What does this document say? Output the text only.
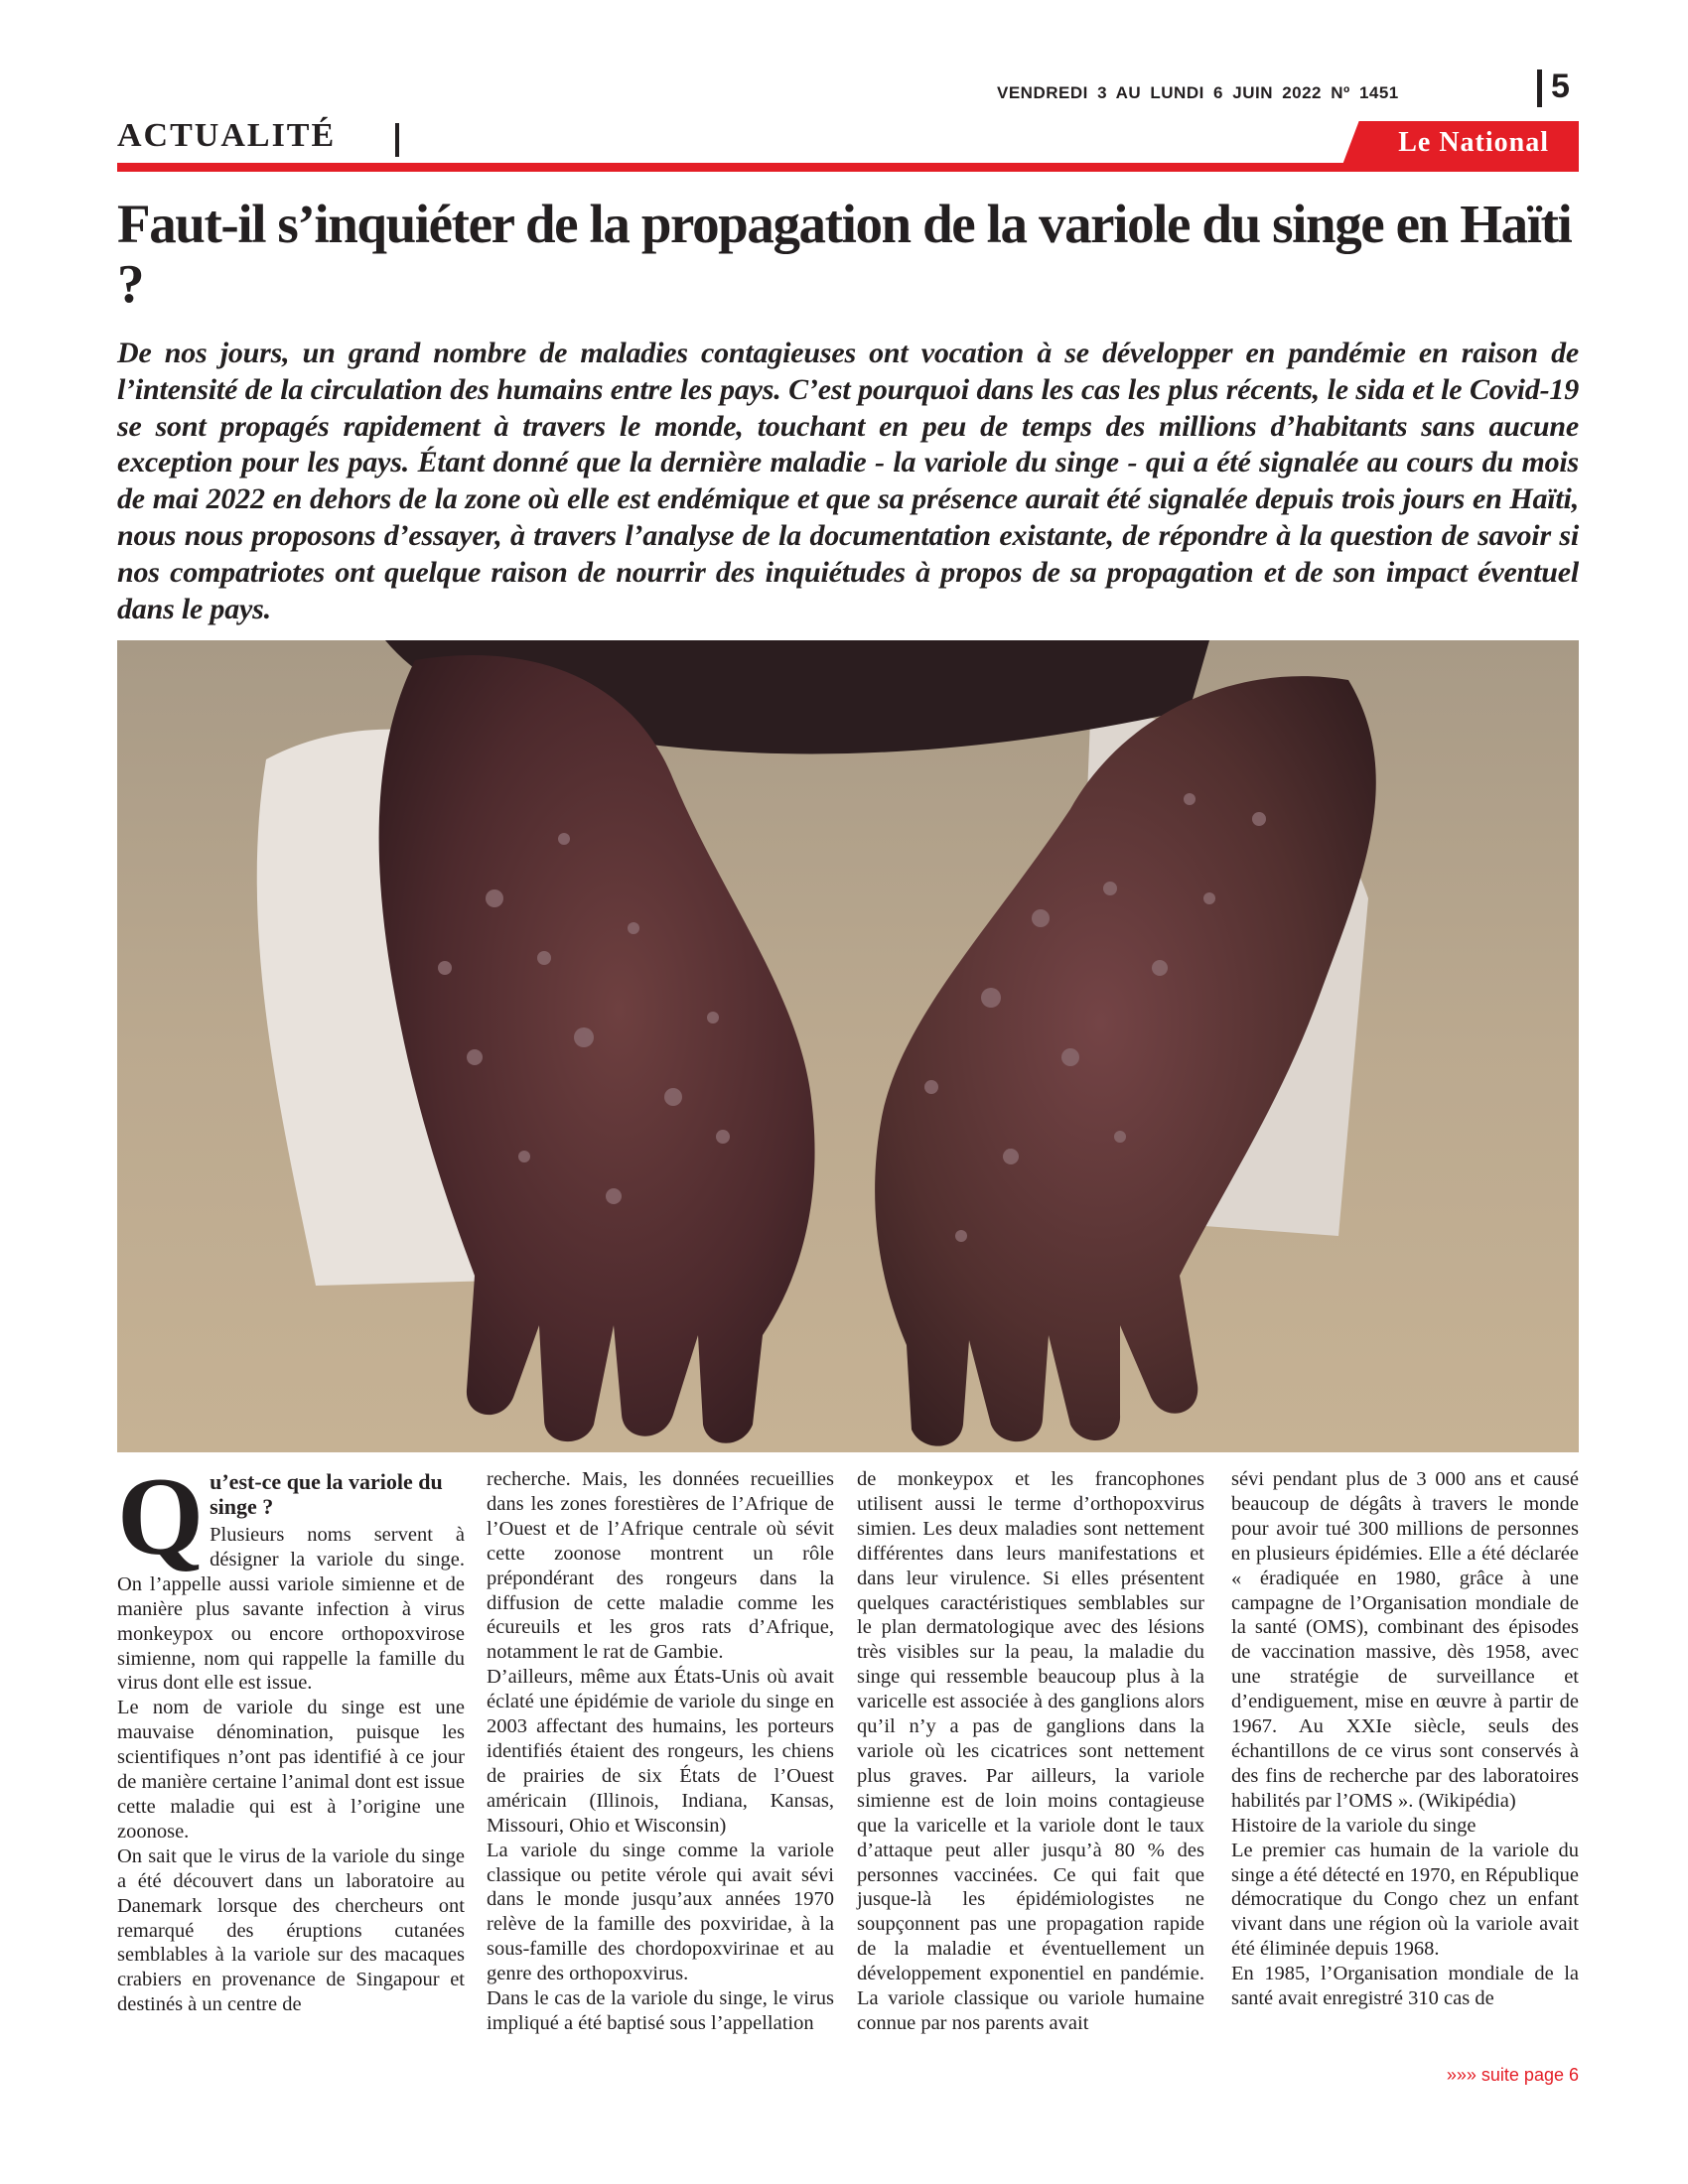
VENDREDI 3 AU LUNDI 6 JUIN 2022 Nº 1451	5
ACTUALITÉ	Le National
Faut-il s’inquiéter de la propagation de la variole du singe en Haïti ?

De nos jours, un grand nombre de maladies contagieuses ont vocation à se développer en pandémie en raison de l’intensité de la circulation des humains entre les pays. C’est pourquoi dans les cas les plus récents, le sida et le Covid-19 se sont propagés rapidement à travers le monde, touchant en peu de temps des millions d’habitants sans aucune exception pour les pays. Étant donné que la dernière maladie - la variole du singe - qui a été signalée au cours du mois de mai 2022 en dehors de la zone où elle est endémique et que sa présence aurait été signalée depuis trois jours en Haïti, nous nous proposons d’essayer, à travers l’analyse de la documentation existante, de répondre à la question de savoir si nos compatriotes ont quelque raison de nourrir des inquiétudes à propos de sa propagation et de son impact éventuel dans le pays.

Q u’est-ce que la variole du singe ?

Plusieurs noms servent à désigner la variole du singe. On l’appelle aussi variole simienne et de manière plus savante infection à virus monkeypox ou encore orthopoxvirose simienne, nom qui rappelle la famille du virus dont elle est issue.

Le nom de variole du singe est une mauvaise dénomination, puisque les scientifiques n’ont pas identifié à ce jour de manière certaine l’animal dont est issue cette maladie qui est à l’origine une zoonose.

On sait que le virus de la variole du singe a été découvert dans un laboratoire au Danemark lorsque des chercheurs ont remarqué des éruptions cutanées semblables à la variole sur des macaques crabiers en provenance de Singapour et destinés à un centre de

recherche. Mais, les données recueillies dans les zones forestières de l’Afrique de l’Ouest et de l’Afrique centrale où sévit cette zoonose montrent un rôle prépondérant des rongeurs dans la diffusion de cette maladie comme les écureuils et les gros rats d’Afrique, notamment le rat de Gambie.

D’ailleurs, même aux États-Unis où avait éclaté une épidémie de variole du singe en 2003 affectant des humains, les porteurs identifiés étaient des rongeurs, les chiens de prairies de six États de l’Ouest américain (Illinois, Indiana, Kansas, Missouri, Ohio et Wisconsin)

La variole du singe comme la variole classique ou petite vérole qui avait sévi dans le monde jusqu’aux années 1970 relève de la famille des poxviridae, à la sous-famille des chordopoxvirinae et au genre des orthopoxvirus.

Dans le cas de la variole du singe, le virus impliqué a été baptisé sous l’appellation

de monkeypox et les francophones utilisent aussi le terme d’orthopoxvirus simien. Les deux maladies sont nettement différentes dans leurs manifestations et dans leur virulence. Si elles présentent quelques caractéristiques semblables sur le plan dermatologique avec des lésions très visibles sur la peau, la maladie du singe qui ressemble beaucoup plus à la varicelle est associée à des ganglions alors qu’il n’y a pas de ganglions dans la variole où les cicatrices sont nettement plus graves. Par ailleurs, la variole simienne est de loin moins contagieuse que la varicelle et la variole dont le taux d’attaque peut aller jusqu’à 80 % des personnes vaccinées. Ce qui fait que jusque-là les épidémiologistes ne soupçonnent pas une propagation rapide de la maladie et éventuellement un développement exponentiel en pandémie. La variole classique ou variole humaine connue par nos parents avait

sévi pendant plus de 3 000 ans et causé beaucoup de dégâts à travers le monde pour avoir tué 300 millions de personnes en plusieurs épidémies. Elle a été déclarée « éradiquée en 1980, grâce à une campagne de l’Organisation mondiale de la santé (OMS), combinant des épisodes de vaccination massive, dès 1958, avec une stratégie de surveillance et d’endiguement, mise en œuvre à partir de 1967. Au XXIe siècle, seuls des échantillons de ce virus sont conservés à des fins de recherche par des laboratoires habilités par l’OMS ». (Wikipédia)

Histoire de la variole du singe

Le premier cas humain de la variole du singe a été détecté en 1970, en République démocratique du Congo chez un enfant vivant dans une région où la variole avait été éliminée depuis 1968.

En 1985, l’Organisation mondiale de la santé avait enregistré 310 cas de

»»» suite page 6
